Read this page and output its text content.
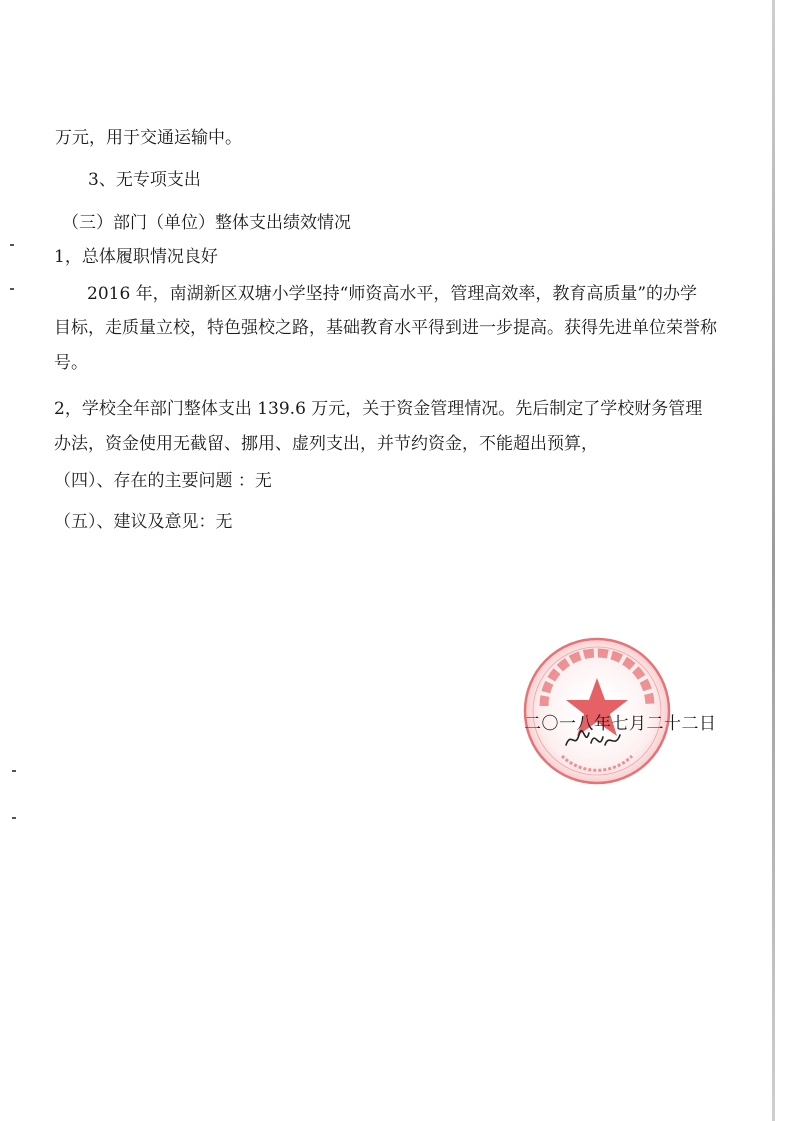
万元，用于交通运输中。
3、无专项支出
（三）部门（单位）整体支出绩效情况
1，总体履职情况良好
2016 年，南湖新区双塘小学坚持“师资高水平，管理高效率，教育高质量”的办学
目标，走质量立校，特色强校之路，基础教育水平得到进一步提高。获得先进单位荣誉称
号。
2，学校全年部门整体支出 139.6 万元，关于资金管理情况。先后制定了学校财务管理
办法，资金使用无截留、挪用、虚列支出，并节约资金，不能超出预算，
（四）、存在的主要问题 ：无
（五）、建议及意见：无
二〇一八年七月二十二日
